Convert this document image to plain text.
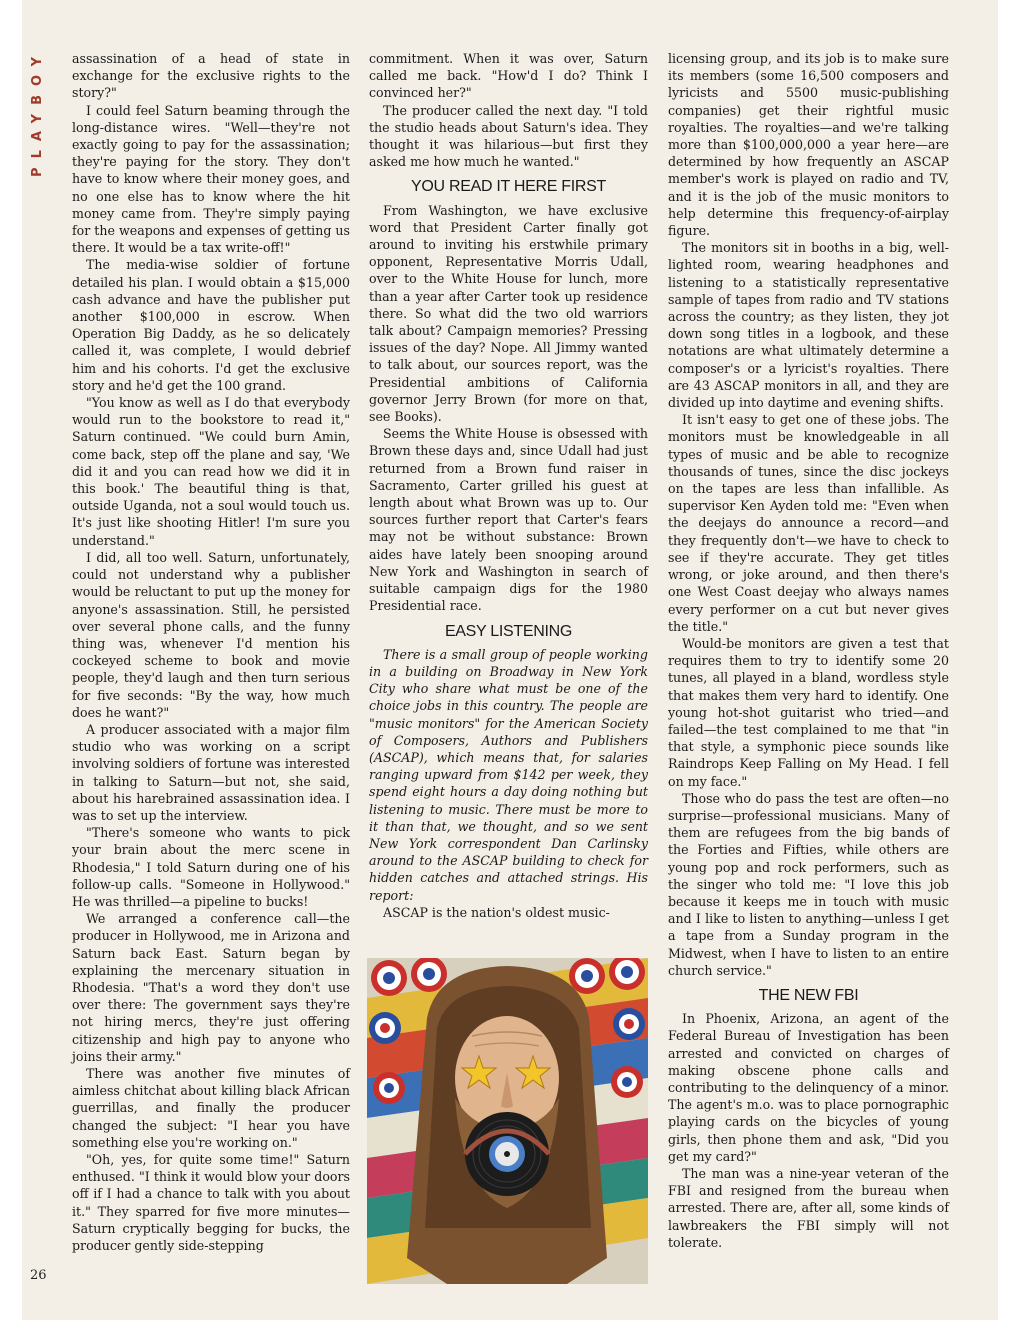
PLAYBOY
26

assassination of a head of state in exchange for the exclusive rights to the story?"

I could feel Saturn beaming through the long-distance wires. "Well—they're not exactly going to pay for the assassination; they're paying for the story. They don't have to know where their money goes, and no one else has to know where the hit money came from. They're simply paying for the weapons and expenses of getting us there. It would be a tax write-off!"

The media-wise soldier of fortune detailed his plan. I would obtain a $15,000 cash advance and have the publisher put another $100,000 in escrow. When Operation Big Daddy, as he so delicately called it, was complete, I would debrief him and his cohorts. I'd get the exclusive story and he'd get the 100 grand.

"You know as well as I do that everybody would run to the bookstore to read it," Saturn continued. "We could burn Amin, come back, step off the plane and say, 'We did it and you can read how we did it in this book.' The beautiful thing is that, outside Uganda, not a soul would touch us. It's just like shooting Hitler! I'm sure you understand."

I did, all too well. Saturn, unfortunately, could not understand why a publisher would be reluctant to put up the money for anyone's assassination. Still, he persisted over several phone calls, and the funny thing was, whenever I'd mention his cockeyed scheme to book and movie people, they'd laugh and then turn serious for five seconds: "By the way, how much does he want?"

A producer associated with a major film studio who was working on a script involving soldiers of fortune was interested in talking to Saturn—but not, she said, about his harebrained assassination idea. I was to set up the interview.

"There's someone who wants to pick your brain about the merc scene in Rhodesia," I told Saturn during one of his follow-up calls. "Someone in Hollywood." He was thrilled—a pipeline to bucks!

We arranged a conference call—the producer in Hollywood, me in Arizona and Saturn back East. Saturn began by explaining the mercenary situation in Rhodesia. "That's a word they don't use over there: The government says they're not hiring mercs, they're just offering citizenship and high pay to anyone who joins their army."

There was another five minutes of aimless chitchat about killing black African guerrillas, and finally the producer changed the subject: "I hear you have something else you're working on."

"Oh, yes, for quite some time!" Saturn enthused. "I think it would blow your doors off if I had a chance to talk with you about it." They sparred for five more minutes—Saturn cryptically begging for bucks, the producer gently side-stepping

commitment. When it was over, Saturn called me back. "How'd I do? Think I convinced her?"

The producer called the next day. "I told the studio heads about Saturn's idea. They thought it was hilarious—but first they asked me how much he wanted."

YOU READ IT HERE FIRST

From Washington, we have exclusive word that President Carter finally got around to inviting his erstwhile primary opponent, Representative Morris Udall, over to the White House for lunch, more than a year after Carter took up residence there. So what did the two old warriors talk about? Campaign memories? Pressing issues of the day? Nope. All Jimmy wanted to talk about, our sources report, was the Presidential ambitions of California governor Jerry Brown (for more on that, see Books).

Seems the White House is obsessed with Brown these days and, since Udall had just returned from a Brown fund raiser in Sacramento, Carter grilled his guest at length about what Brown was up to. Our sources further report that Carter's fears may not be without substance: Brown aides have lately been snooping around New York and Washington in search of suitable campaign digs for the 1980 Presidential race.

EASY LISTENING

There is a small group of people working in a building on Broadway in New York City who share what must be one of the choice jobs in this country. The people are "music monitors" for the American Society of Composers, Authors and Publishers (ASCAP), which means that, for salaries ranging upward from $142 per week, they spend eight hours a day doing nothing but listening to music. There must be more to it than that, we thought, and so we sent New York correspondent Dan Carlinsky around to the ASCAP building to check for hidden catches and attached strings. His report:

ASCAP is the nation's oldest music-

licensing group, and its job is to make sure its members (some 16,500 composers and lyricists and 5500 music-publishing companies) get their rightful music royalties. The royalties—and we're talking more than $100,000,000 a year here—are determined by how frequently an ASCAP member's work is played on radio and TV, and it is the job of the music monitors to help determine this frequency-of-airplay figure.

The monitors sit in booths in a big, well-lighted room, wearing headphones and listening to a statistically representative sample of tapes from radio and TV stations across the country; as they listen, they jot down song titles in a logbook, and these notations are what ultimately determine a composer's or a lyricist's royalties. There are 43 ASCAP monitors in all, and they are divided up into daytime and evening shifts.

It isn't easy to get one of these jobs. The monitors must be knowledgeable in all types of music and be able to recognize thousands of tunes, since the disc jockeys on the tapes are less than infallible. As supervisor Ken Ayden told me: "Even when the deejays do announce a record—and they frequently don't—we have to check to see if they're accurate. They get titles wrong, or joke around, and then there's one West Coast deejay who always names every performer on a cut but never gives the title."

Would-be monitors are given a test that requires them to try to identify some 20 tunes, all played in a bland, wordless style that makes them very hard to identify. One young hot-shot guitarist who tried—and failed—the test complained to me that "in that style, a symphonic piece sounds like Raindrops Keep Falling on My Head. I fell on my face."

Those who do pass the test are often—no surprise—professional musicians. Many of them are refugees from the big bands of the Forties and Fifties, while others are young pop and rock performers, such as the singer who told me: "I love this job because it keeps me in touch with music and I like to listen to anything—unless I get a tape from a Sunday program in the Midwest, when I have to listen to an entire church service."

THE NEW FBI

In Phoenix, Arizona, an agent of the Federal Bureau of Investigation has been arrested and convicted on charges of making obscene phone calls and contributing to the delinquency of a minor. The agent's m.o. was to place pornographic playing cards on the bicycles of young girls, then phone them and ask, "Did you get my card?"

The man was a nine-year veteran of the FBI and resigned from the bureau when arrested. There are, after all, some kinds of lawbreakers the FBI simply will not tolerate.
